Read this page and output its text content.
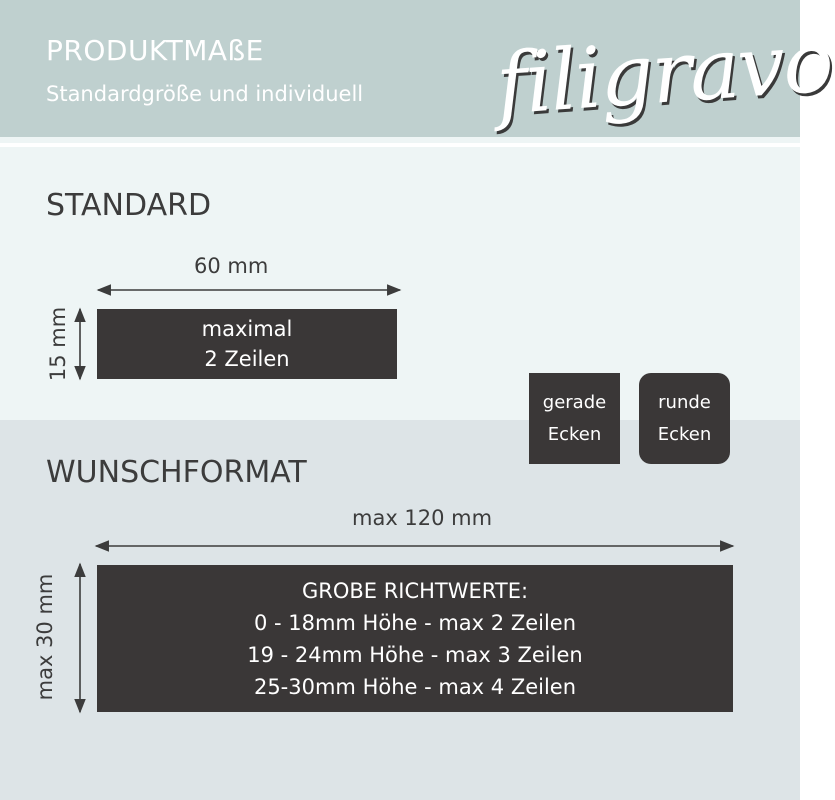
PRODUKTMAßE
Standardgröße und individuell filigravo
STANDARD
60 mm
15 mm	maximal
2 Zeilen
gerade
Ecken
runde
Ecken
WUNSCHFORMAT
max 120 mm
max 30 mm	GROBE RICHTWERTE:
0 - 18mm Höhe - max 2 Zeilen
19 - 24mm Höhe - max 3 Zeilen
25-30mm Höhe - max 4 Zeilen
